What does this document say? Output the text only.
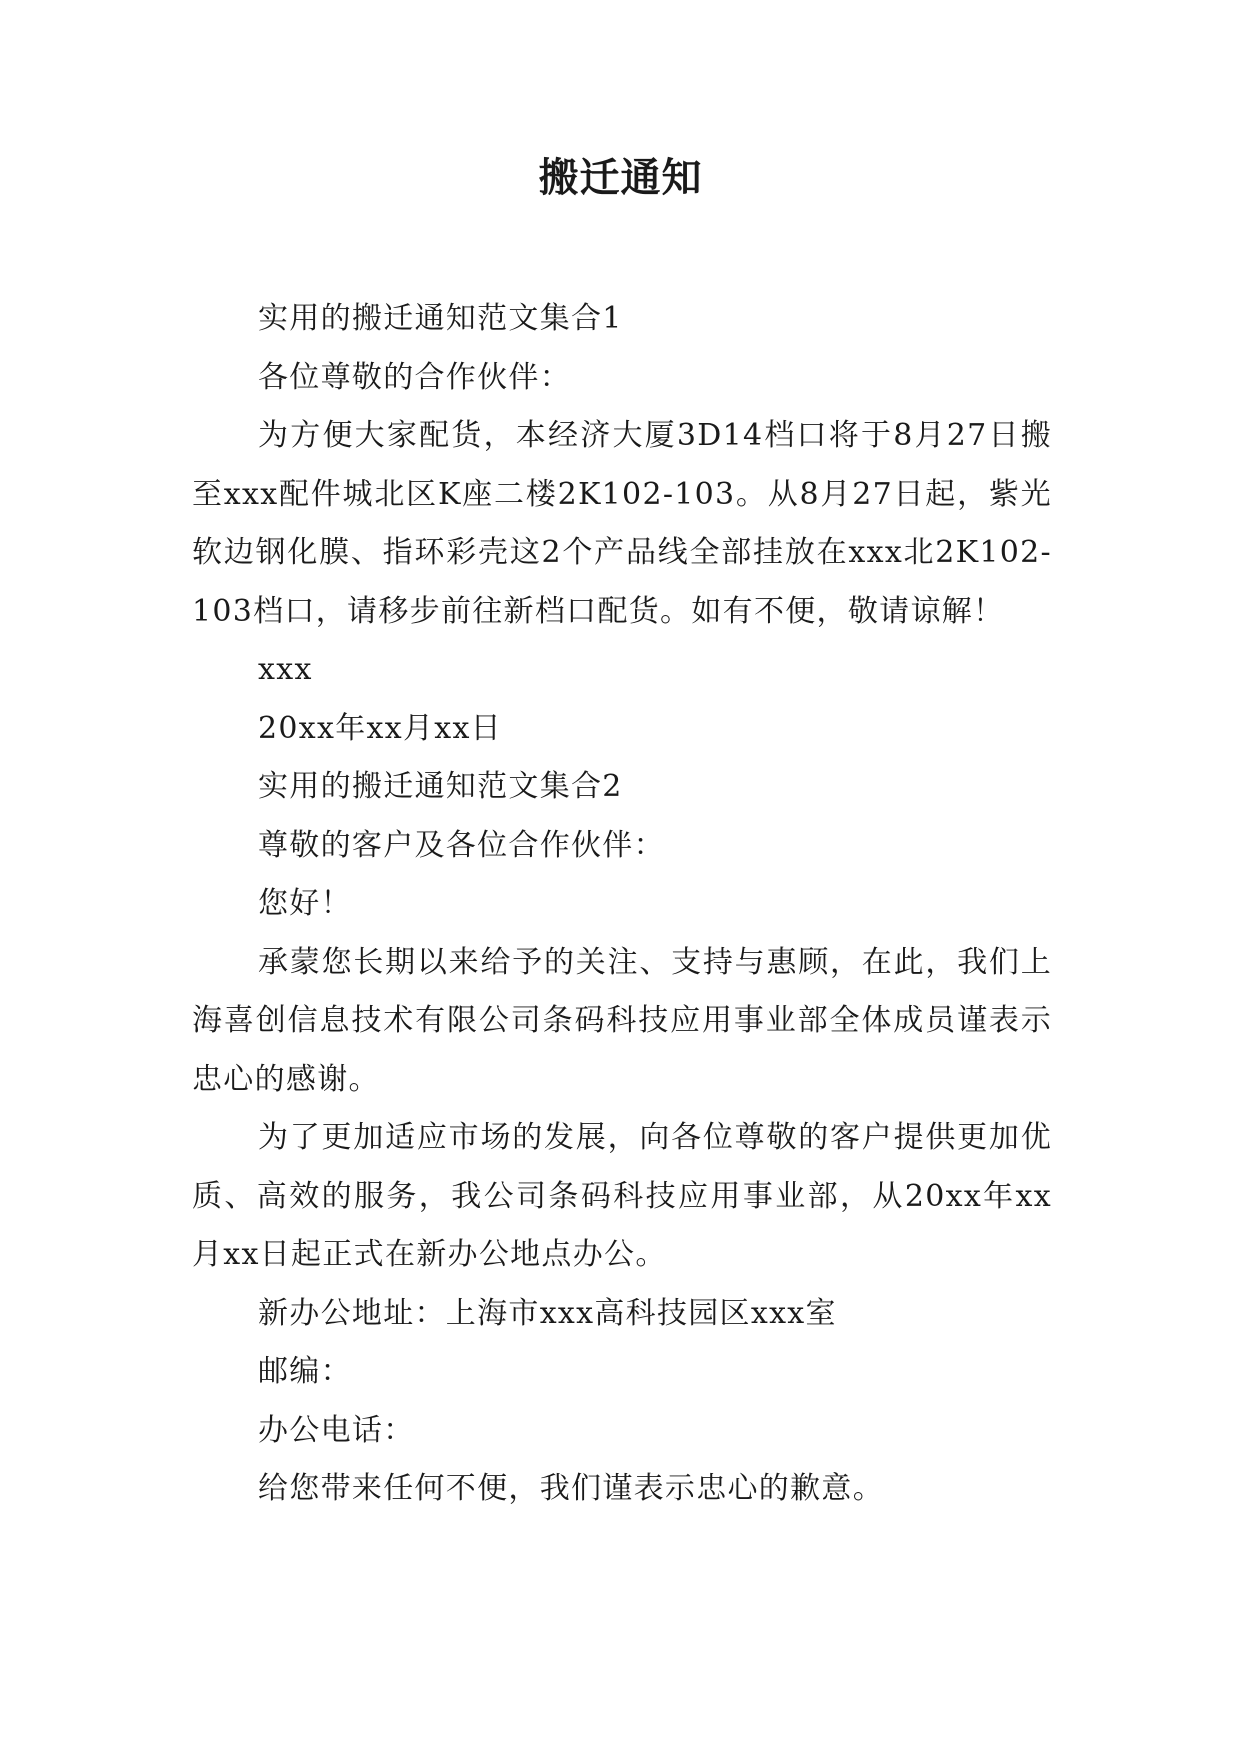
搬迁通知

实用的搬迁通知范文集合1

各位尊敬的合作伙伴：

为方便大家配货，本经济大厦3D14档口将于8月27日搬至xxx配件城北区K座二楼2K102-103。从8月27日起，紫光软边钢化膜、指环彩壳这2个产品线全部挂放在xxx北2K102-103档口，请移步前往新档口配货。如有不便，敬请谅解！

xxx

20xx年xx月xx日

实用的搬迁通知范文集合2

尊敬的客户及各位合作伙伴：

您好！

承蒙您长期以来给予的关注、支持与惠顾，在此，我们上海喜创信息技术有限公司条码科技应用事业部全体成员谨表示忠心的感谢。

为了更加适应市场的发展，向各位尊敬的客户提供更加优质、高效的服务，我公司条码科技应用事业部，从20xx年xx月xx日起正式在新办公地点办公。

新办公地址：上海市xxx高科技园区xxx室

邮编：

办公电话：

给您带来任何不便，我们谨表示忠心的歉意。
